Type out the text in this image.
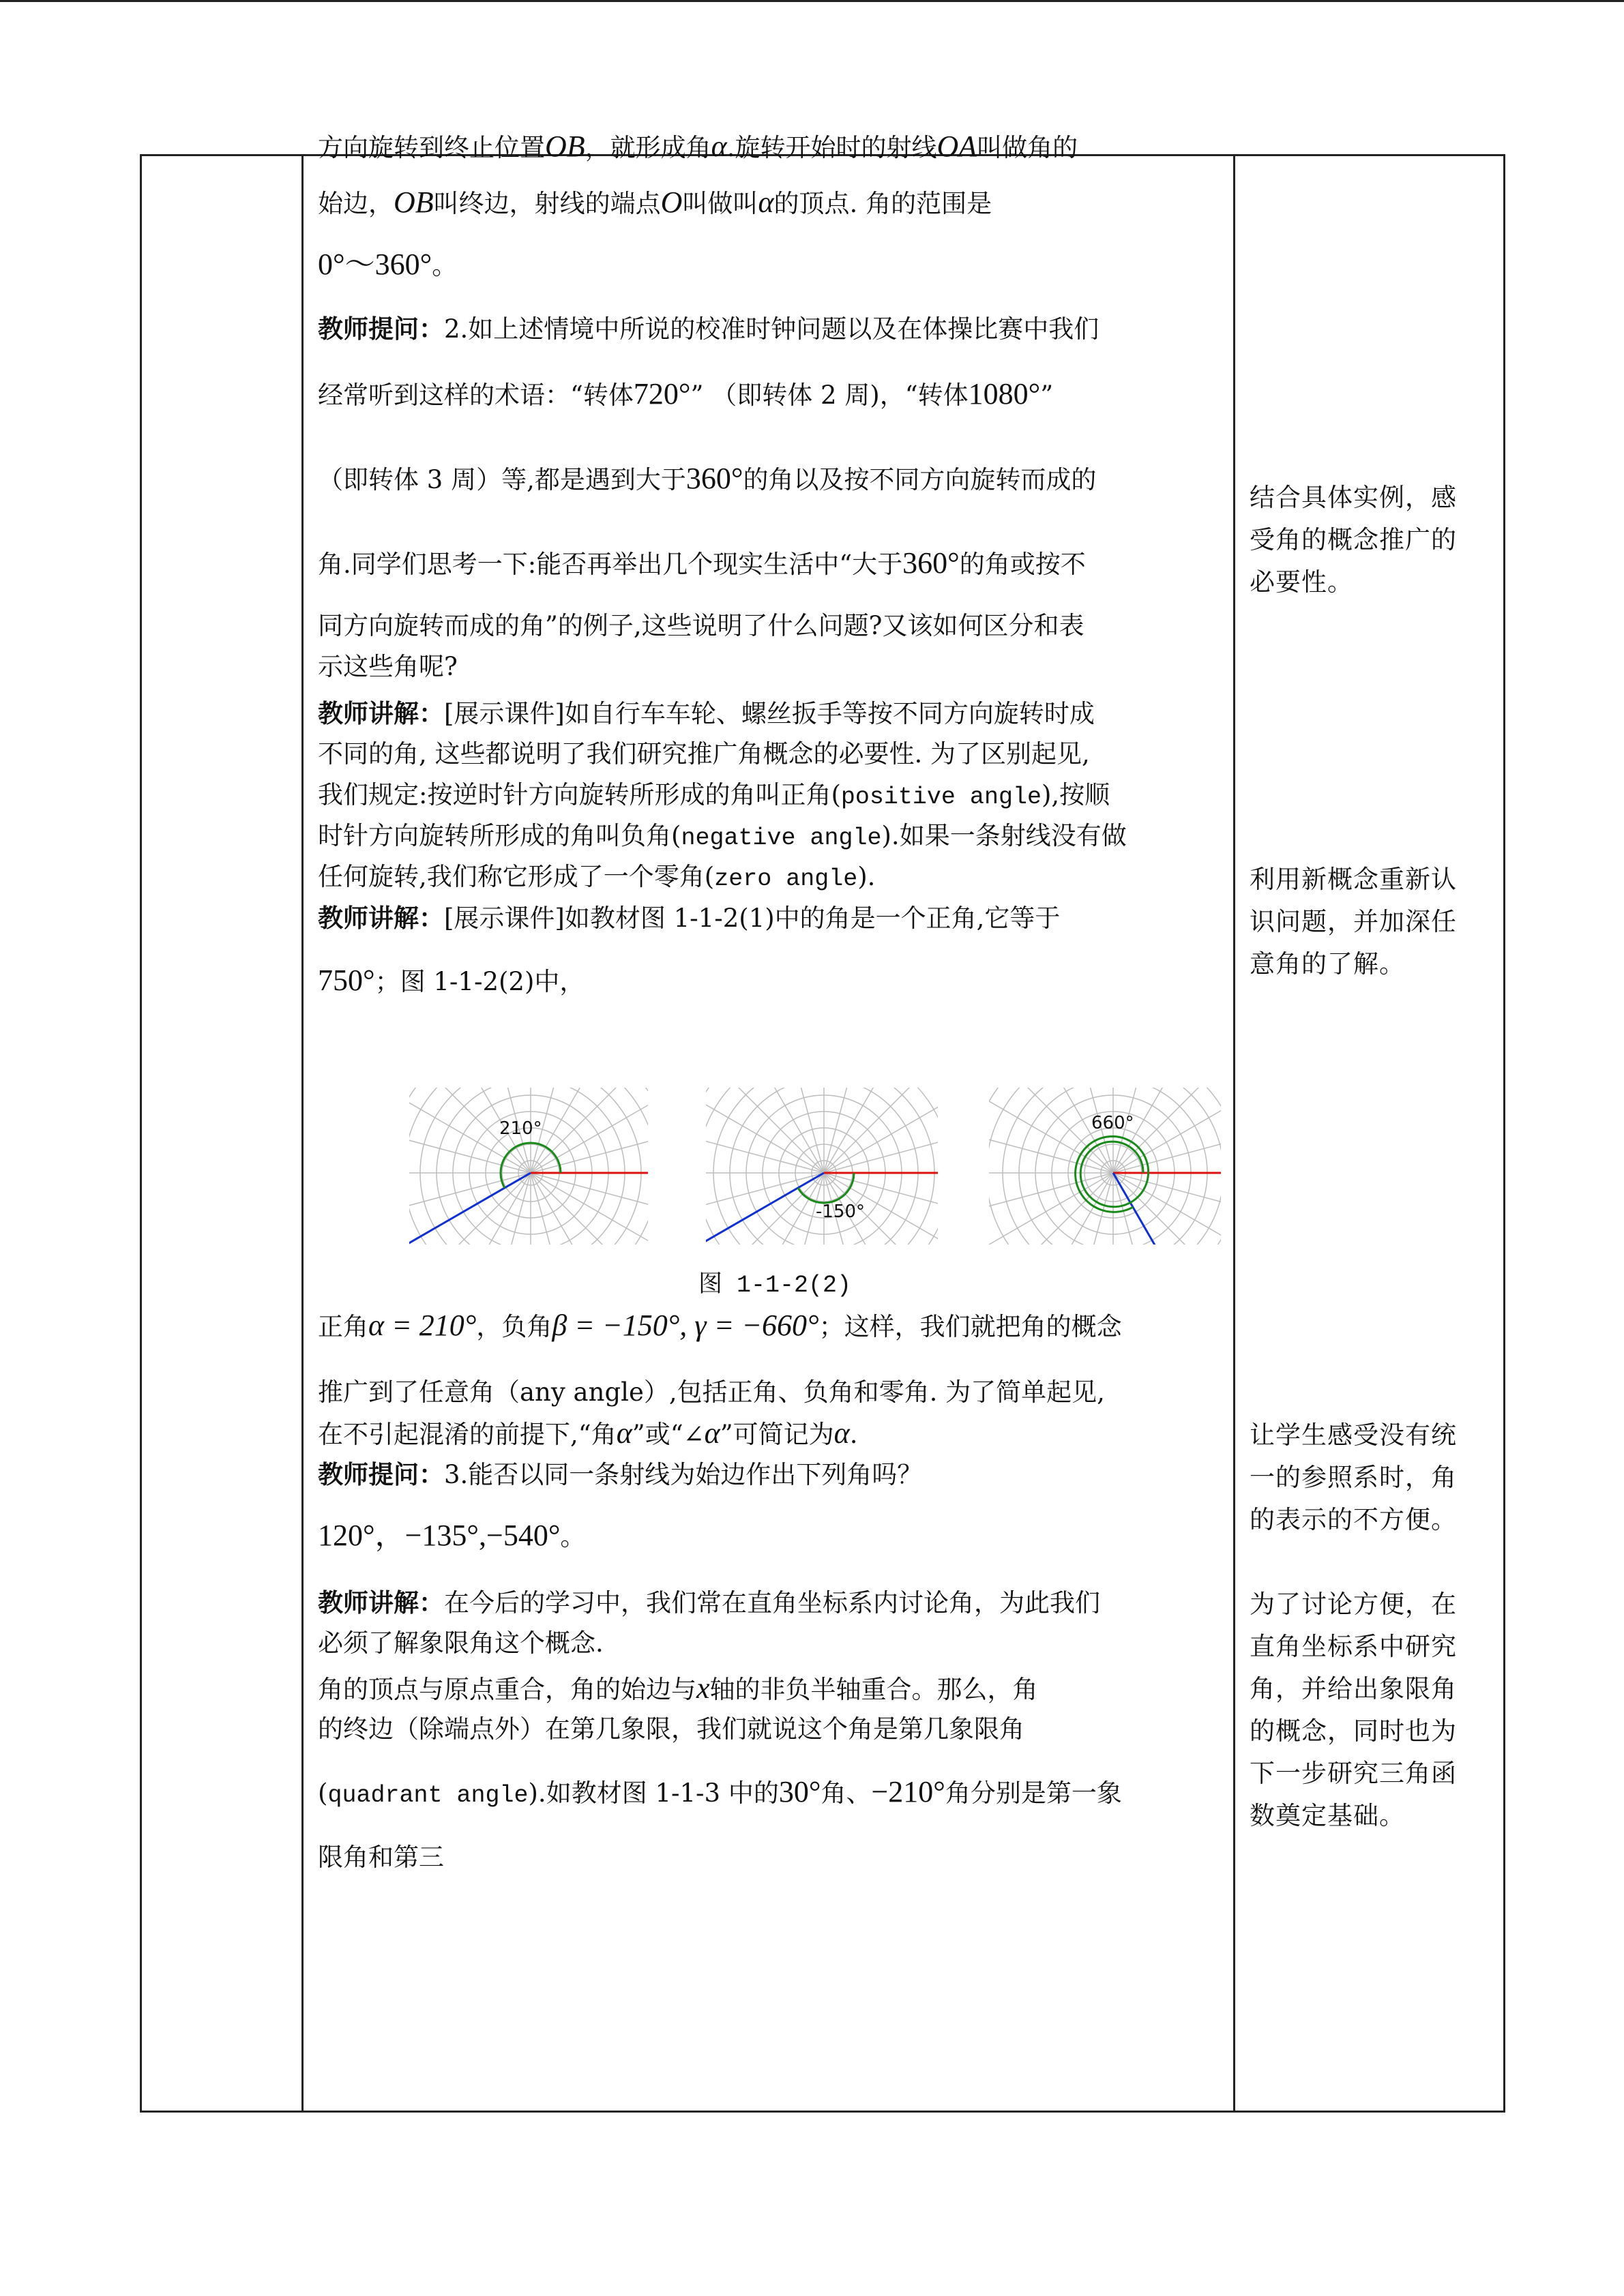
方向旋转到终止位置OB，就形成角α.旋转开始时的射线OA叫做角的
始边，OB叫终边，射线的端点O叫做叫α的顶点. 角的范围是
0°～360°。
教师提问：2.如上述情境中所说的校准时钟问题以及在体操比赛中我们
经常听到这样的术语：“转体720°” （即转体 2 周)，“转体1080°”
（即转体 3 周）等,都是遇到大于360°的角以及按不同方向旋转而成的
角.同学们思考一下:能否再举出几个现实生活中“大于360°的角或按不
同方向旋转而成的角”的例子,这些说明了什么问题?又该如何区分和表
示这些角呢?
教师讲解：[展示课件]如自行车车轮、螺丝扳手等按不同方向旋转时成
不同的角, 这些都说明了我们研究推广角概念的必要性. 为了区别起见,
我们规定:按逆时针方向旋转所形成的角叫正角(positive angle),按顺
时针方向旋转所形成的角叫负角(negative angle).如果一条射线没有做
任何旋转,我们称它形成了一个零角(zero angle).
教师讲解：[展示课件]如教材图 1-1-2(1)中的角是一个正角,它等于
750°；图 1-1-2(2)中，
正角α = 210°，负角β = −150°, γ = −660°；这样，我们就把角的概念
推广到了任意角（any angle）,包括正角、负角和零角. 为了简单起见,
在不引起混淆的前提下,“角α”或“∠α”可简记为α.
教师提问：3.能否以同一条射线为始边作出下列角吗？
120°，−135°,−540°。
教师讲解：在今后的学习中，我们常在直角坐标系内讨论角，为此我们
必须了解象限角这个概念.
角的顶点与原点重合，角的始边与x轴的非负半轴重合。那么，角
的终边（除端点外）在第几象限，我们就说这个角是第几象限角
(quadrant angle).如教材图 1-1-3 中的30°角、−210°角分别是第一象
限角和第三
210°
-150°
660°
图 1-1-2(2)
结合具体实例，感
受角的概念推广的
必要性。
利用新概念重新认
识问题，并加深任
意角的了解。
让学生感受没有统
一的参照系时，角
的表示的不方便。
为了讨论方便，在
直角坐标系中研究
角，并给出象限角
的概念，同时也为
下一步研究三角函
数奠定基础。
